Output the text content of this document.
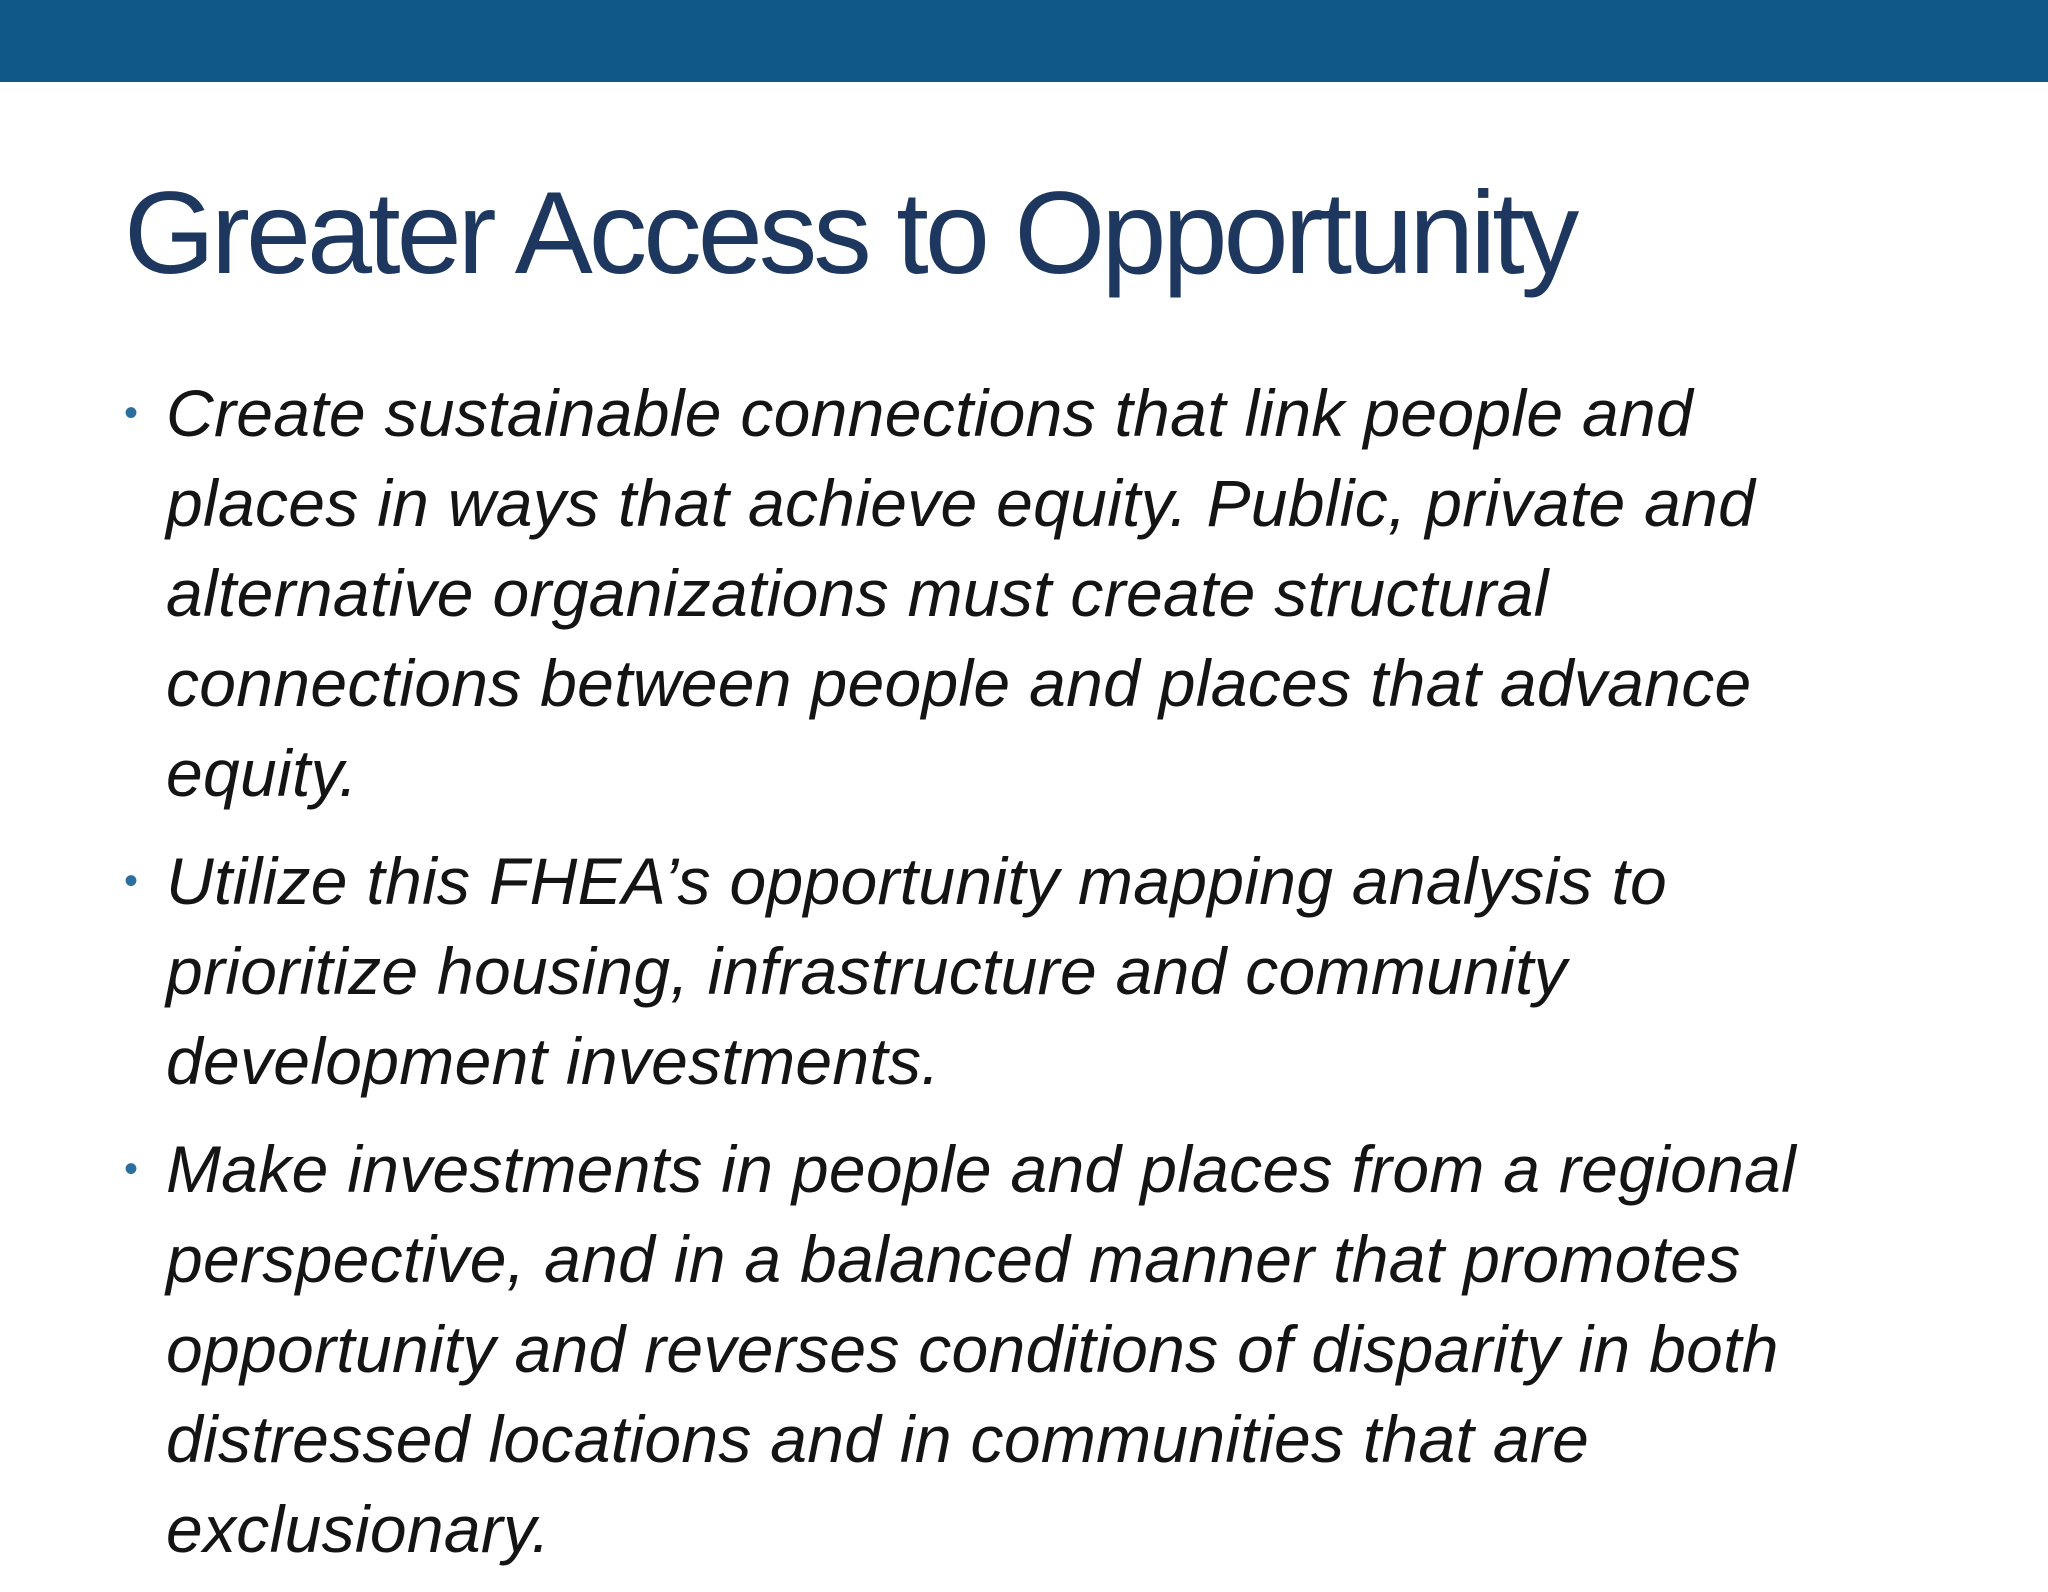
Greater Access to Opportunity
• Create sustainable connections that link people and
places in ways that achieve equity. Public, private and
alternative organizations must create structural
connections between people and places that advance
equity.
• Utilize this FHEA’s opportunity mapping analysis to
prioritize housing, infrastructure and community
development investments.
• Make investments in people and places from a regional
perspective, and in a balanced manner that promotes
opportunity and reverses conditions of disparity in both
distressed locations and in communities that are
exclusionary.
